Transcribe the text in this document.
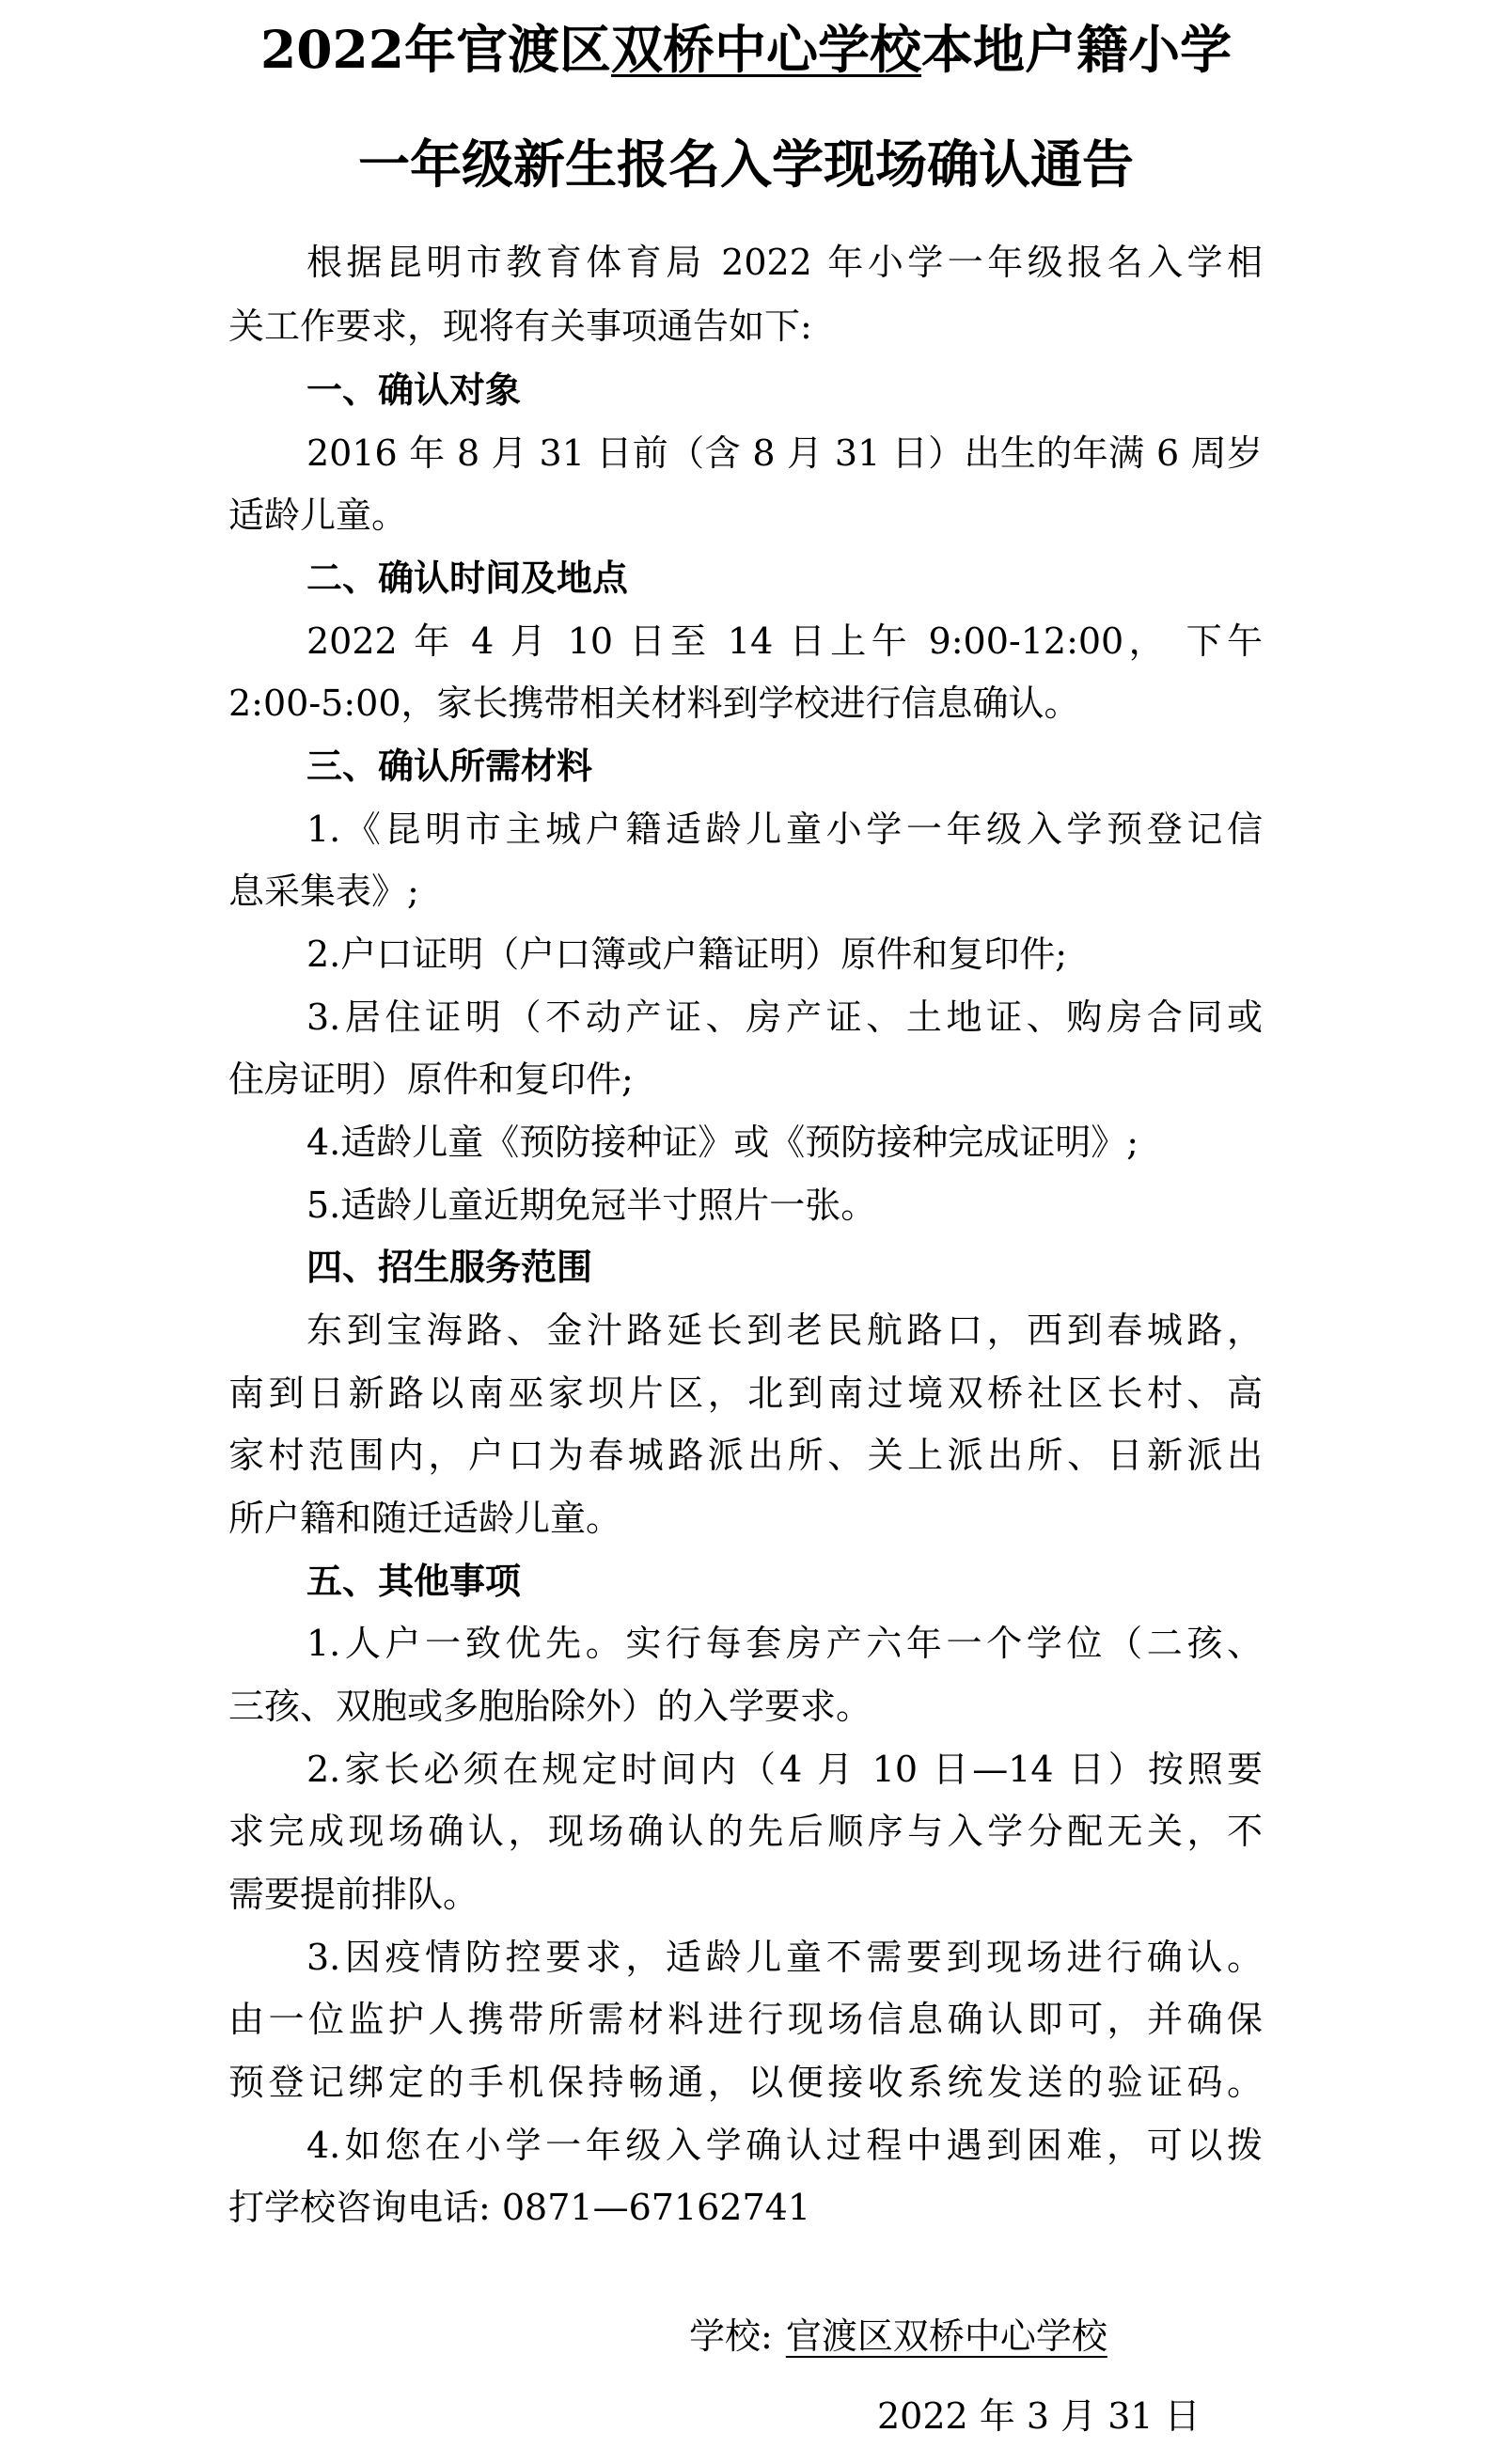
2022年官渡区双桥中心学校本地户籍小学
一年级新生报名入学现场确认通告
根据昆明市教育体育局 2022 年小学一年级报名入学相
关工作要求，现将有关事项通告如下:
一、确认对象
2016 年 8 月 31 日前（含 8 月 31 日）出生的年满 6 周岁
适龄儿童。
二、确认时间及地点
2022 年 4 月 10 日至 14 日上午 9:00-12:00， 下午
2:00-5:00，家长携带相关材料到学校进行信息确认。
三、确认所需材料
1.《昆明市主城户籍适龄儿童小学一年级入学预登记信
息采集表》;
2.户口证明（户口簿或户籍证明）原件和复印件;
3.居住证明（不动产证、房产证、土地证、购房合同或
住房证明）原件和复印件;
4.适龄儿童《预防接种证》或《预防接种完成证明》;
5.适龄儿童近期免冠半寸照片一张。
四、招生服务范围
东到宝海路、金汁路延长到老民航路口，西到春城路，
南到日新路以南巫家坝片区，北到南过境双桥社区长村、高
家村范围内，户口为春城路派出所、关上派出所、日新派出
所户籍和随迁适龄儿童。
五、其他事项
1.人户一致优先。实行每套房产六年一个学位（二孩、
三孩、双胞或多胞胎除外）的入学要求。
2.家长必须在规定时间内（4 月 10 日—14 日）按照要
求完成现场确认，现场确认的先后顺序与入学分配无关，不
需要提前排队。
3.因疫情防控要求，适龄儿童不需要到现场进行确认。
由一位监护人携带所需材料进行现场信息确认即可，并确保
预登记绑定的手机保持畅通，以便接收系统发送的验证码。
4.如您在小学一年级入学确认过程中遇到困难，可以拨
打学校咨询电话: 0871—67162741
学校: 官渡区双桥中心学校
2022 年 3 月 31 日
